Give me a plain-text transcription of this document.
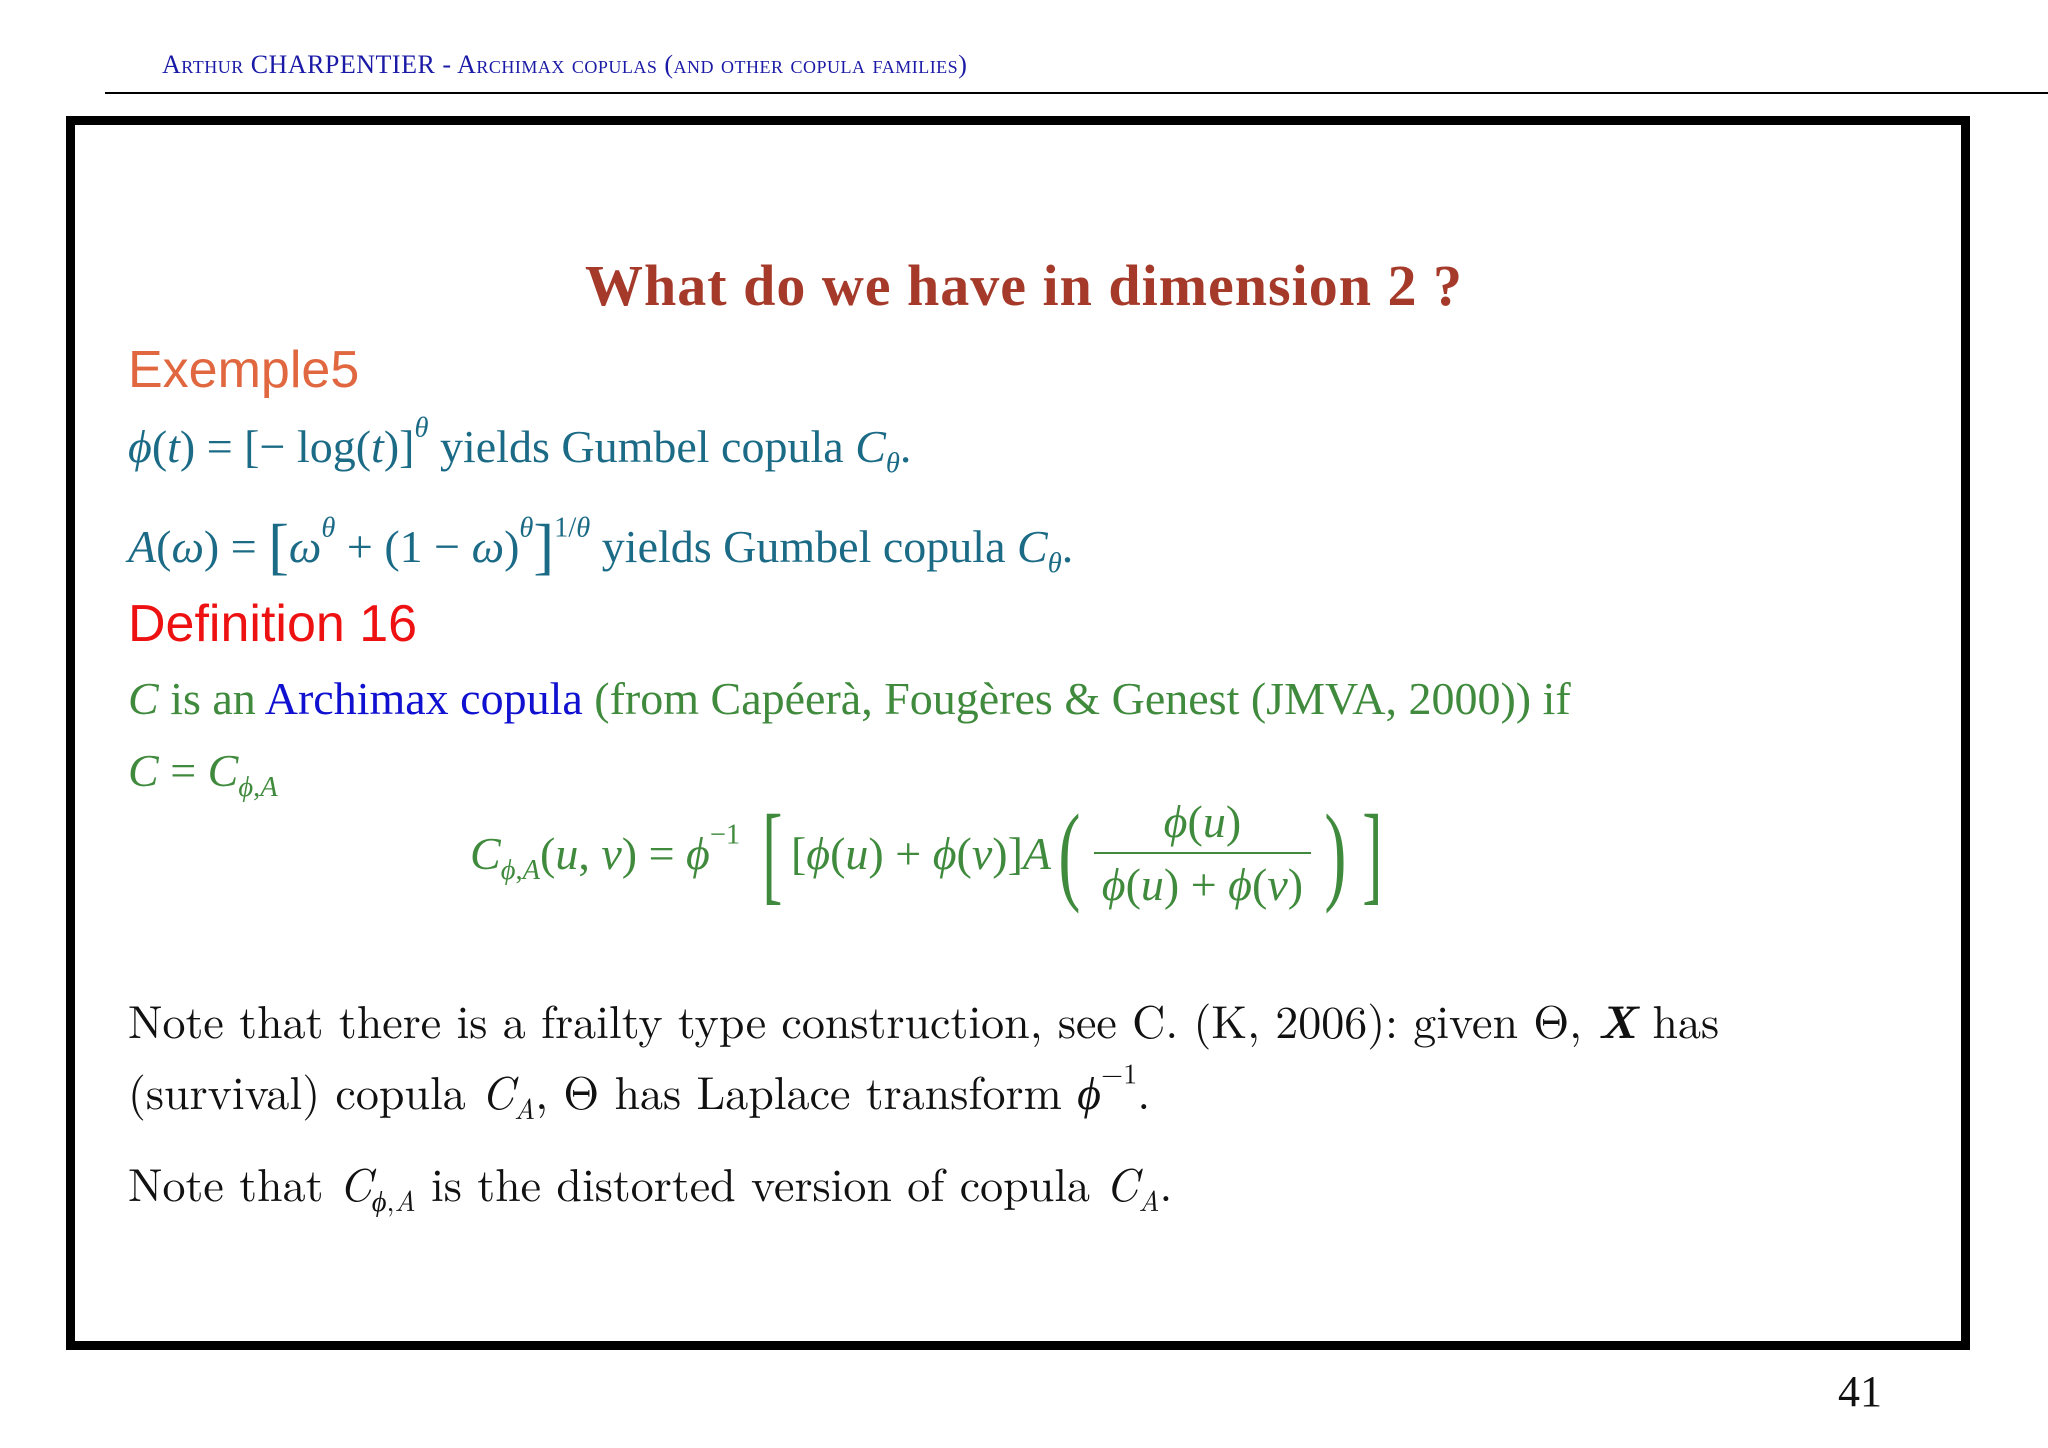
Arthur CHARPENTIER - Archimax copulas (and other copula families)
What do we have in dimension 2 ?
Exemple5
ϕ(t) = [− log(t)]$^\theta$ yields Gumbel copula $C_\theta$.
$A(\omega) = [\omega^\theta + (1 - \omega)^\theta]^{1/\theta}$ yields Gumbel copula $C_\theta$.
Definition 16
C is an Archimax copula (from Capéerà, Fougères & Genest (JMVA, 2000)) if
$C = C_{\phi,A}$
$C_{\phi,A}(u$, $v) = \phi^{-1}$ [ [ϕ(u) + ϕ(v)]A ( $\frac{\phi(u)}{\phi(u) + \phi(v)}$ ) ]
Note that there is a frailty type construction, see C. (K, 2006): given Θ, X has
(survival) copula $C_A$, Θ has Laplace transform $\phi^{-1}$.
Note that $C_{\phi,A}$ is the distorted version of copula $C_A$.
41
